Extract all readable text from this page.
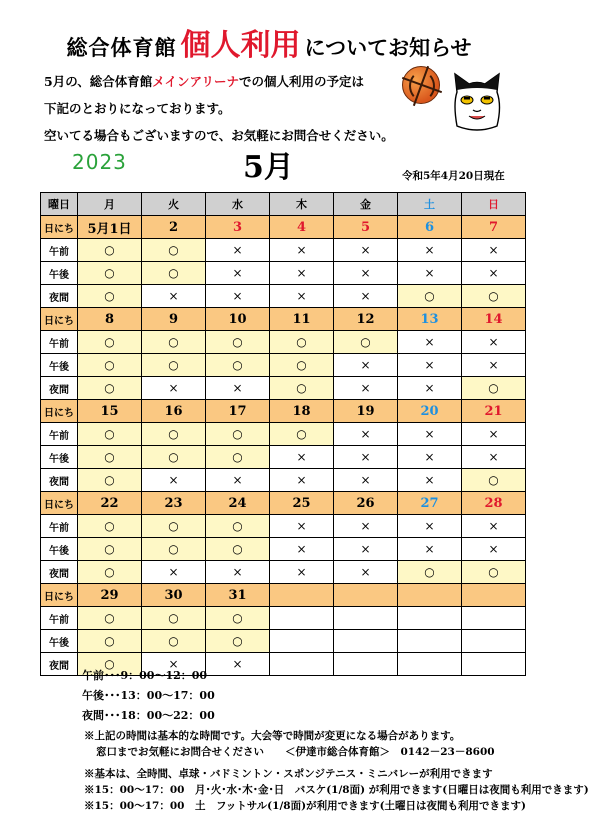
総合体育館 個人利用 についてお知らせ
5月の、総合体育館メインアリーナでの個人利用の予定は
下記のとおりになっております。
空いてる場合もございますので、お気軽にお問合せください。
2023	5月	令和5年4月20日現在
曜日	月	火	水	木	金	土	日
日にち	5月1日	2	3	4	5	6	7
午前	○	○	×	×	×	×	×
午後	○	○	×	×	×	×	×
夜間	○	×	×	×	×	○	○
日にち	8	9	10	11	12	13	14
午前	○	○	○	○	○	×	×
午後	○	○	○	○	×	×	×
夜間	○	×	×	○	×	×	○
日にち	15	16	17	18	19	20	21
午前	○	○	○	○	×	×	×
午後	○	○	○	×	×	×	×
夜間	○	×	×	×	×	×	○
日にち	22	23	24	25	26	27	28
午前	○	○	○	×	×	×	×
午後	○	○	○	×	×	×	×
夜間	○	×	×	×	×	○	○
日にち	29	30	31				
午前	○	○	○				
午後	○	○	○				
夜間	○	×	×				
午前･･･9：00～12：00
午後･･･13：00～17：00
夜間･･･18：00～22：00
※上記の時間は基本的な時間です。大会等で時間が変更になる場合があります。
窓口までお気軽にお問合せください　　＜伊達市総合体育館＞　0142－23－8600
※基本は、全時間、卓球・バドミントン・スポンジテニス・ミニバレーが利用できます
※15：00～17：00　月･火･水･木･金･日　バスケ(1/8面) が利用できます(日曜日は夜間も利用できます)
※15：00～17：00　土　フットサル(1/8面)が利用できます(土曜日は夜間も利用できます)
